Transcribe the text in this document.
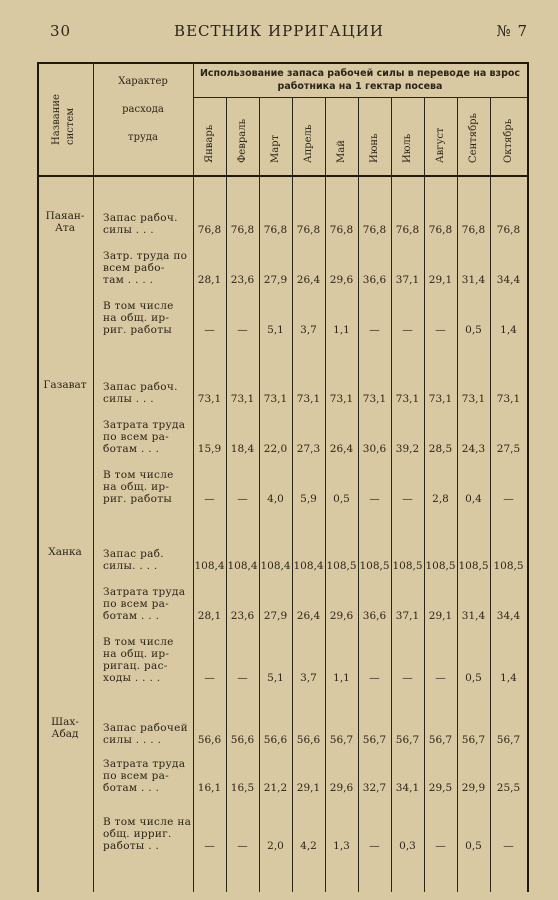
30	ВЕСТНИК ИРРИГАЦИИ	№ 7
Название систем
Характер
расхода
труда
Использование запаса рабочей силы в переводе на взрос
работника на 1 гектар посева
Январь Февраль Март Апрель Май Июнь Июль Август Сентябрь Октябрь
Паяан-
Ата
Запас рабоч.
силы . . .	76,8 76,8 76,8 76,8 76,8 76,8 76,8 76,8 76,8	76,8
Затр. труда по
всем рабо-
там . . . .	28,1 23,6 27,9 26,4 29,6 36,6 37,1 29,1 31,4	34,4
В том числе
на общ. ир-
риг. работы	—	—	5,1	3,7	1,1	—	—	—	0,5	1,4
Газават	Запас рабоч.
силы . . .	73,1 73,1 73,1 73,1 73,1 73,1 73,1 73,1 73,1	73,1
Затрата труда
по всем ра-
ботам . . .	15,9 18,4 22,0 27,3 26,4 30,6 39,2 28,5 24,3	27,5
В том числе
на общ. ир-
риг. работы	—	—	4,0	5,9	0,5	—	—	2,8	0,4	—
Ханка	Запас раб.
силы. . . .	108,4 108,4 108,4 108,4 108,5 108,5 108,5 108,5 108,5 108,5
Затрата труда
по всем ра-
ботам . . .	28,1 23,6 27,9 26,4 29,6 36,6 37,1 29,1 31,4	34,4
В том числе
на общ. ир-
ригац. рас-
ходы . . . .	—	—	5,1	3,7	1,1	—	—	—	0,5	1,4
Шах-
Абад	Запас рабочей
силы . . . .	56,6 56,6 56,6 56,6 56,7 56,7 56,7 56,7 56,7	56,7
Затрата труда
по всем ра-
ботам . . .	16,1 16,5 21,2 29,1 29,6 32,7 34,1 29,5 29,9	25,5
В том числе на
общ. ирриг.
работы . .	—	—	2,0	4,2	1,3	—	0,3	—	0,5	—
